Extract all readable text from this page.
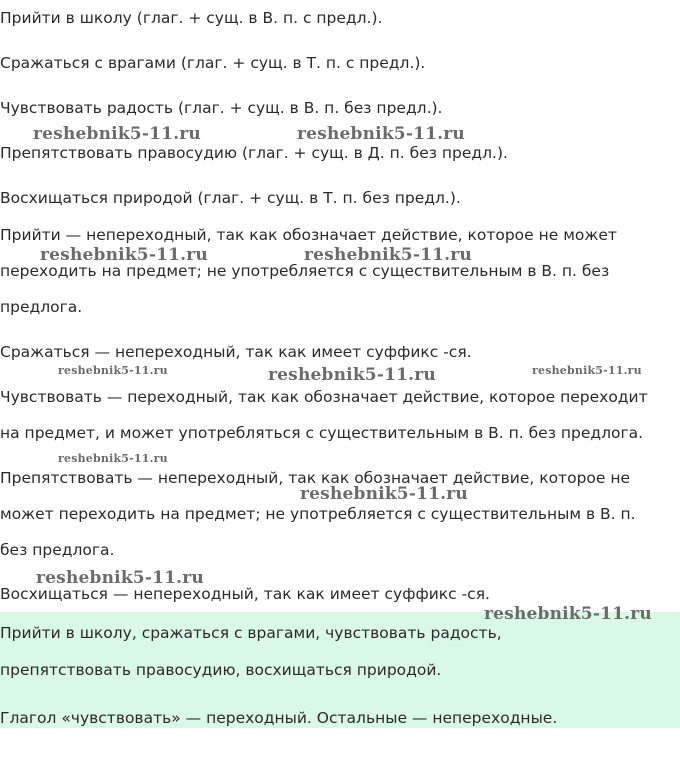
Прийти в школу (глаг. + сущ. в В. п. с предл.).
Сражаться с врагами (глаг. + сущ. в Т. п. с предл.).
Чувствовать радость (глаг. + сущ. в В. п. без предл.).
Препятствовать правосудию (глаг. + сущ. в Д. п. без предл.).
Восхищаться природой (глаг. + сущ. в Т. п. без предл.).
Прийти — непереходный, так как обозначает действие, которое не может
переходить на предмет; не употребляется с существительным в В. п. без
предлога.
Сражаться — непереходный, так как имеет суффикс -ся.
Чувствовать — переходный, так как обозначает действие, которое переходит
на предмет, и может употребляться с существительным в В. п. без предлога.
Препятствовать — непереходный, так как обозначает действие, которое не
может переходить на предмет; не употребляется с существительным в В. п.
без предлога.
Восхищаться — непереходный, так как имеет суффикс -ся.
Прийти в школу, сражаться с врагами, чувствовать радость,
препятствовать правосудию, восхищаться природой.
Глагол «чувствовать» — переходный. Остальные — непереходные.
reshebnik5-11.ru	reshebnik5-11.ru
reshebnik5-11.ru	reshebnik5-11.ru
reshebnik5-11.ru	reshebnik5-11.ru	reshebnik5-11.ru
reshebnik5-11.ru
reshebnik5-11.ru
reshebnik5-11.ru
reshebnik5-11.ru
